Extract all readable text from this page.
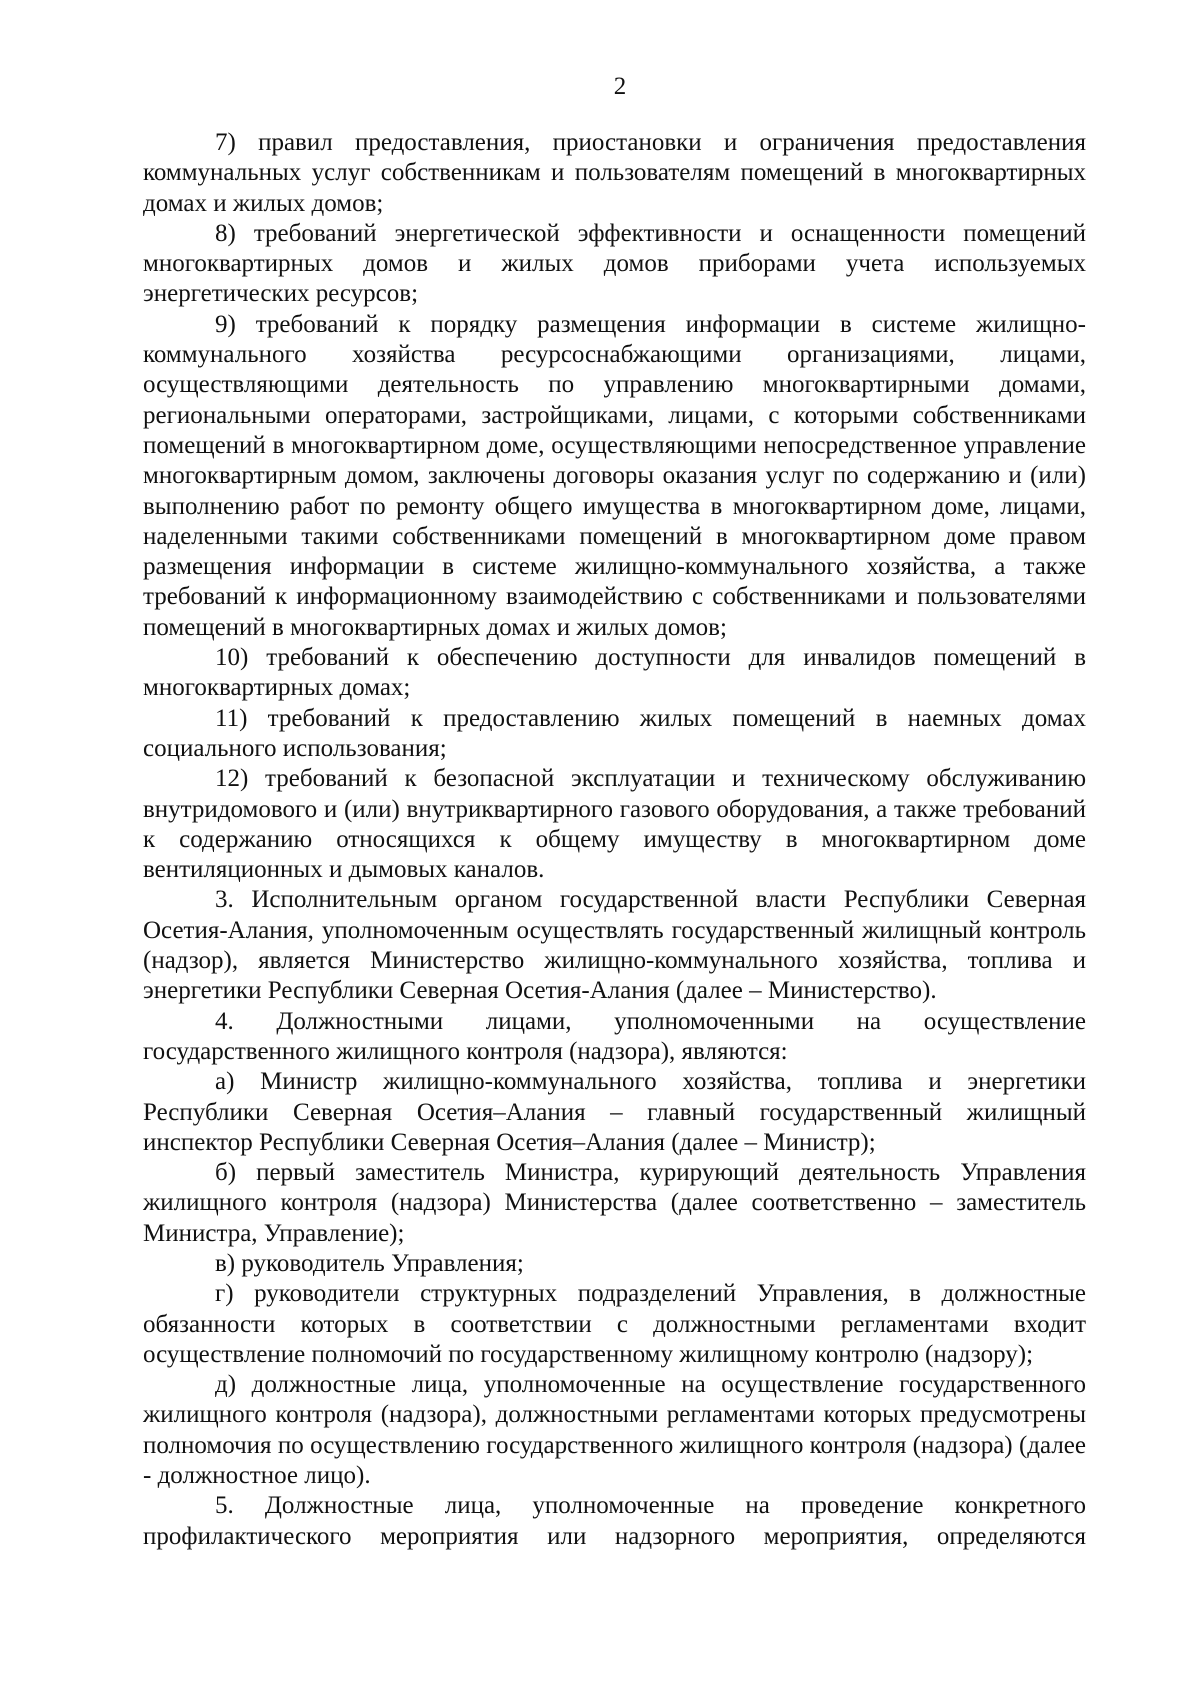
2

7) правил предоставления, приостановки и ограничения предоставления коммунальных услуг собственникам и пользователям помещений в многоквартирных домах и жилых домов;

8) требований энергетической эффективности и оснащенности помещений многоквартирных домов и жилых домов приборами учета используемых энергетических ресурсов;

9) требований к порядку размещения информации в системе жилищно-коммунального хозяйства ресурсоснабжающими организациями, лицами, осуществляющими деятельность по управлению многоквартирными домами, региональными операторами, застройщиками, лицами, с которыми собственниками помещений в многоквартирном доме, осуществляющими непосредственное управление многоквартирным домом, заключены договоры оказания услуг по содержанию и (или) выполнению работ по ремонту общего имущества в многоквартирном доме, лицами, наделенными такими собственниками помещений в многоквартирном доме правом размещения информации в системе жилищно-коммунального хозяйства, а также требований к информационному взаимодействию с собственниками и пользователями помещений в многоквартирных домах и жилых домов;

10) требований к обеспечению доступности для инвалидов помещений в многоквартирных домах;

11) требований к предоставлению жилых помещений в наемных домах социального использования;

12) требований к безопасной эксплуатации и техническому обслуживанию внутридомового и (или) внутриквартирного газового оборудования, а также требований к содержанию относящихся к общему имуществу в многоквартирном доме вентиляционных и дымовых каналов.

3. Исполнительным органом государственной власти Республики Северная Осетия-Алания, уполномоченным осуществлять государственный жилищный контроль (надзор), является Министерство жилищно-коммунального хозяйства, топлива и энергетики Республики Северная Осетия-Алания (далее – Министерство).

4. Должностными лицами, уполномоченными на осуществление государственного жилищного контроля (надзора), являются:

а) Министр жилищно-коммунального хозяйства, топлива и энергетики Республики Северная Осетия–Алания – главный государственный жилищный инспектор Республики Северная Осетия–Алания (далее – Министр);

б) первый заместитель Министра, курирующий деятельность Управления жилищного контроля (надзора) Министерства (далее соответственно – заместитель Министра, Управление);

в) руководитель Управления;

г) руководители структурных подразделений Управления, в должностные обязанности которых в соответствии с должностными регламентами входит осуществление полномочий по государственному жилищному контролю (надзору);

д) должностные лица, уполномоченные на осуществление государственного жилищного контроля (надзора), должностными регламентами которых предусмотрены полномочия по осуществлению государственного жилищного контроля (надзора) (далее - должностное лицо).

5. Должностные лица, уполномоченные на проведение конкретного профилактического мероприятия или надзорного мероприятия, определяются
